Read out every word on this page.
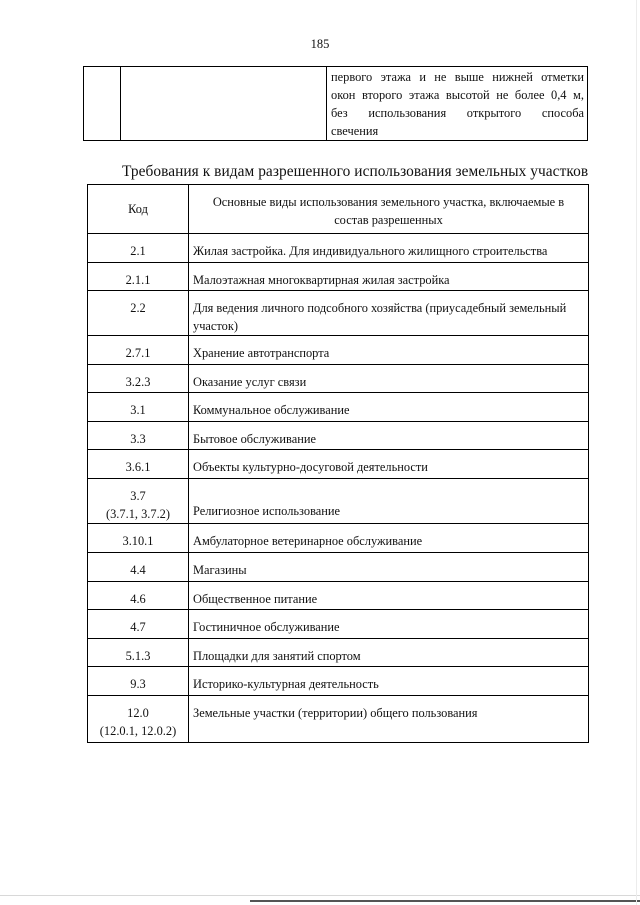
185

первого этажа и не выше нижней отметки
окон второго этажа высотой не более 0,4 м,
без использования открытого способа
свечения
Требования к видам разрешенного использования земельных участков
Код	Основные виды использования земельного участка, включаемые в состав разрешенных

2.1	Жилая застройка. Для индивидуального жилищного строительства

2.1.1	Малоэтажная многоквартирная жилая застройка

2.2	Для ведения личного подсобного хозяйства (приусадебный земельный участок)

2.7.1	Хранение автотранспорта

3.2.3	Оказание услуг связи

3.1	Коммунальное обслуживание

3.3	Бытовое обслуживание

3.6.1	Объекты культурно-досуговой деятельности

3.7
(3.7.1, 3.7.2)	Религиозное использование

3.10.1	Амбулаторное ветеринарное обслуживание

4.4	Магазины

4.6	Общественное питание

4.7	Гостиничное обслуживание

5.1.3	Площадки для занятий спортом

9.3	Историко-культурная деятельность

12.0
(12.0.1, 12.0.2)	Земельные участки (территории) общего пользования
